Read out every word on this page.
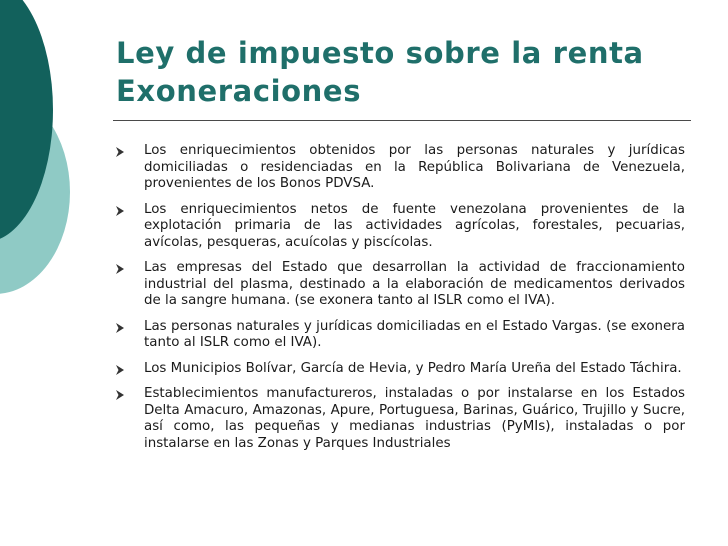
Ley de impuesto sobre la renta
Exoneraciones
Los enriquecimientos obtenidos por las personas naturales y jurídicas domiciliadas o residenciadas en la República Bolivariana de Venezuela, provenientes de los Bonos PDVSA.
Los enriquecimientos netos de fuente venezolana provenientes de la explotación primaria de las actividades agrícolas, forestales, pecuarias, avícolas, pesqueras, acuícolas y piscícolas.
Las empresas del Estado que desarrollan la actividad de fraccionamiento industrial del plasma, destinado a la elaboración de medicamentos derivados de la sangre humana. (se exonera tanto al ISLR como el IVA).
Las personas naturales y jurídicas domiciliadas en el Estado Vargas. (se exonera tanto al ISLR como el IVA).
Los Municipios Bolívar, García de Hevia, y Pedro María Ureña del Estado Táchira.
Establecimientos manufactureros, instaladas o por instalarse en los Estados Delta Amacuro, Amazonas, Apure, Portuguesa, Barinas, Guárico, Trujillo y Sucre, así como, las pequeñas y medianas industrias (PyMIs), instaladas o por instalarse en las Zonas y Parques Industriales
